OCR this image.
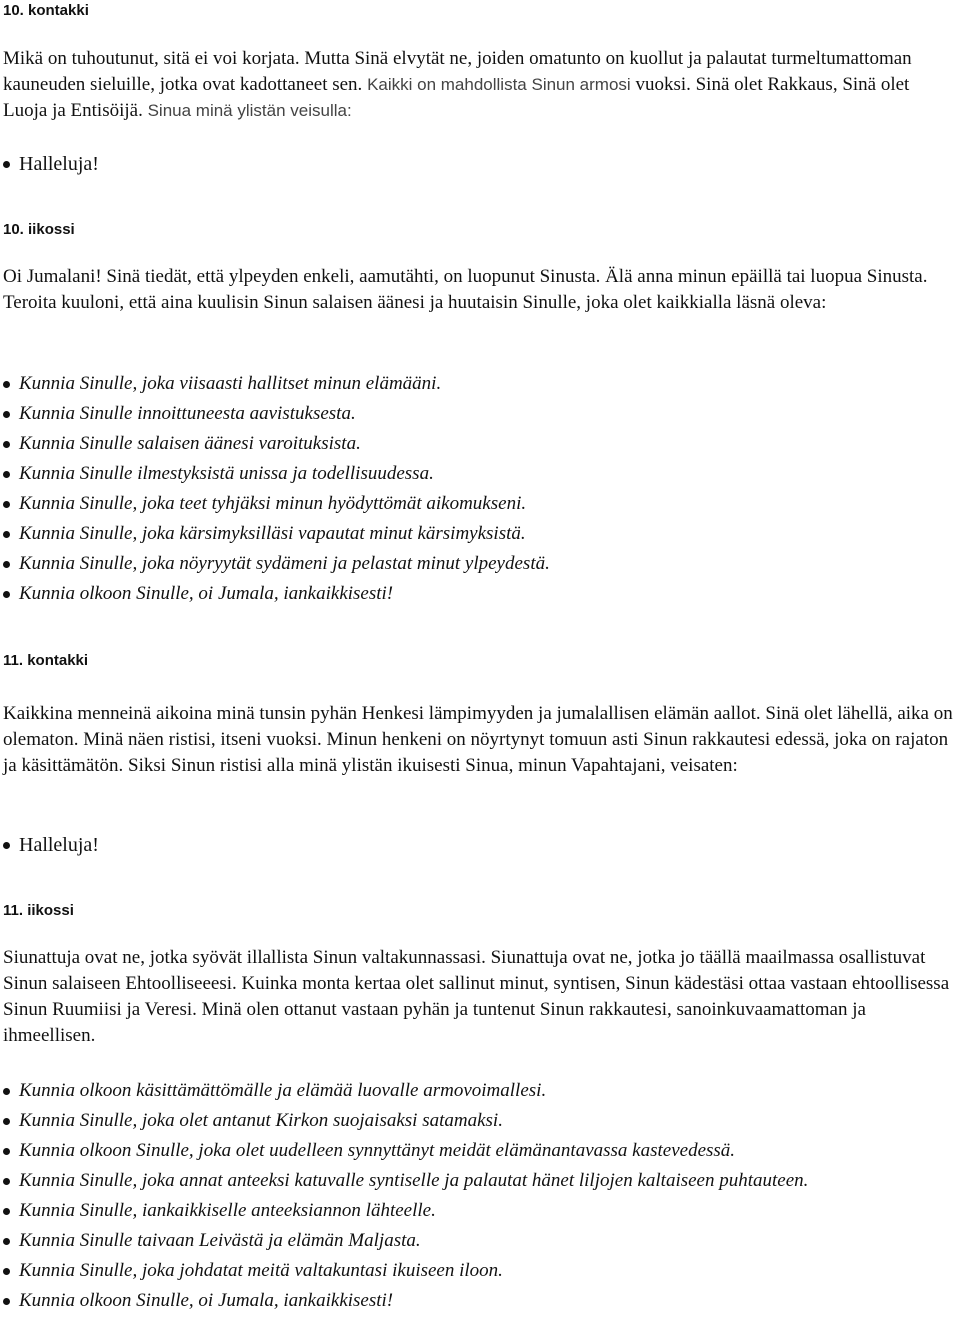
10. kontakki

Mikä on tuhoutunut, sitä ei voi korjata. Mutta Sinä elvytät ne, joiden omatunto on kuollut ja palautat turmeltumattoman kauneuden sieluille, jotka ovat kadottaneet sen. Kaikki on mahdollista Sinun armosi vuoksi. Sinä olet Rakkaus, Sinä olet Luoja ja Entisöijä. Sinua minä ylistän veisulla:

Halleluja!
10. iikossi

Oi Jumalani! Sinä tiedät, että ylpeyden enkeli, aamutähti, on luopunut Sinusta. Älä anna minun epäillä tai luopua Sinusta. Teroita kuuloni, että aina kuulisin Sinun salaisen äänesi ja huutaisin Sinulle, joka olet kaikkialla läsnä oleva:

Kunnia Sinulle, joka viisaasti hallitset minun elämääni.
Kunnia Sinulle innoittuneesta aavistuksesta.
Kunnia Sinulle salaisen äänesi varoituksista.
Kunnia Sinulle ilmestyksistä unissa ja todellisuudessa.
Kunnia Sinulle, joka teet tyhjäksi minun hyödyttömät aikomukseni.
Kunnia Sinulle, joka kärsimyksilläsi vapautat minut kärsimyksistä.
Kunnia Sinulle, joka nöyryytät sydämeni ja pelastat minut ylpeydestä.
Kunnia olkoon Sinulle, oi Jumala, iankaikkisesti!
11. kontakki

Kaikkina menneinä aikoina minä tunsin pyhän Henkesi lämpimyyden ja jumalallisen elämän aallot. Sinä olet lähellä, aika on olematon. Minä näen ristisi, itseni vuoksi. Minun henkeni on nöyrtynyt tomuun asti Sinun rakkautesi edessä, joka on rajaton ja käsittämätön. Siksi Sinun ristisi alla minä ylistän ikuisesti Sinua, minun Vapahtajani, veisaten:

Halleluja!
11. iikossi

Siunattuja ovat ne, jotka syövät illallista Sinun valtakunnassasi. Siunattuja ovat ne, jotka jo täällä maailmassa osallistuvat Sinun salaiseen Ehtoolliseeesi. Kuinka monta kertaa olet sallinut minut, syntisen, Sinun kädestäsi ottaa vastaan ehtoollisessa Sinun Ruumiisi ja Veresi. Minä olen ottanut vastaan pyhän ja tuntenut Sinun rakkautesi, sanoinkuvaamattoman ja ihmeellisen.

Kunnia olkoon käsittämättömälle ja elämää luovalle armovoimallesi.
Kunnia Sinulle, joka olet antanut Kirkon suojaisaksi satamaksi.
Kunnia olkoon Sinulle, joka olet uudelleen synnyttänyt meidät elämänantavassa kastevedessä.
Kunnia Sinulle, joka annat anteeksi katuvalle syntiselle ja palautat hänet liljojen kaltaiseen puhtauteen.
Kunnia Sinulle, iankaikkiselle anteeksiannon lähteelle.
Kunnia Sinulle taivaan Leivästä ja elämän Maljasta.
Kunnia Sinulle, joka johdatat meitä valtakuntasi ikuiseen iloon.
Kunnia olkoon Sinulle, oi Jumala, iankaikkisesti!
